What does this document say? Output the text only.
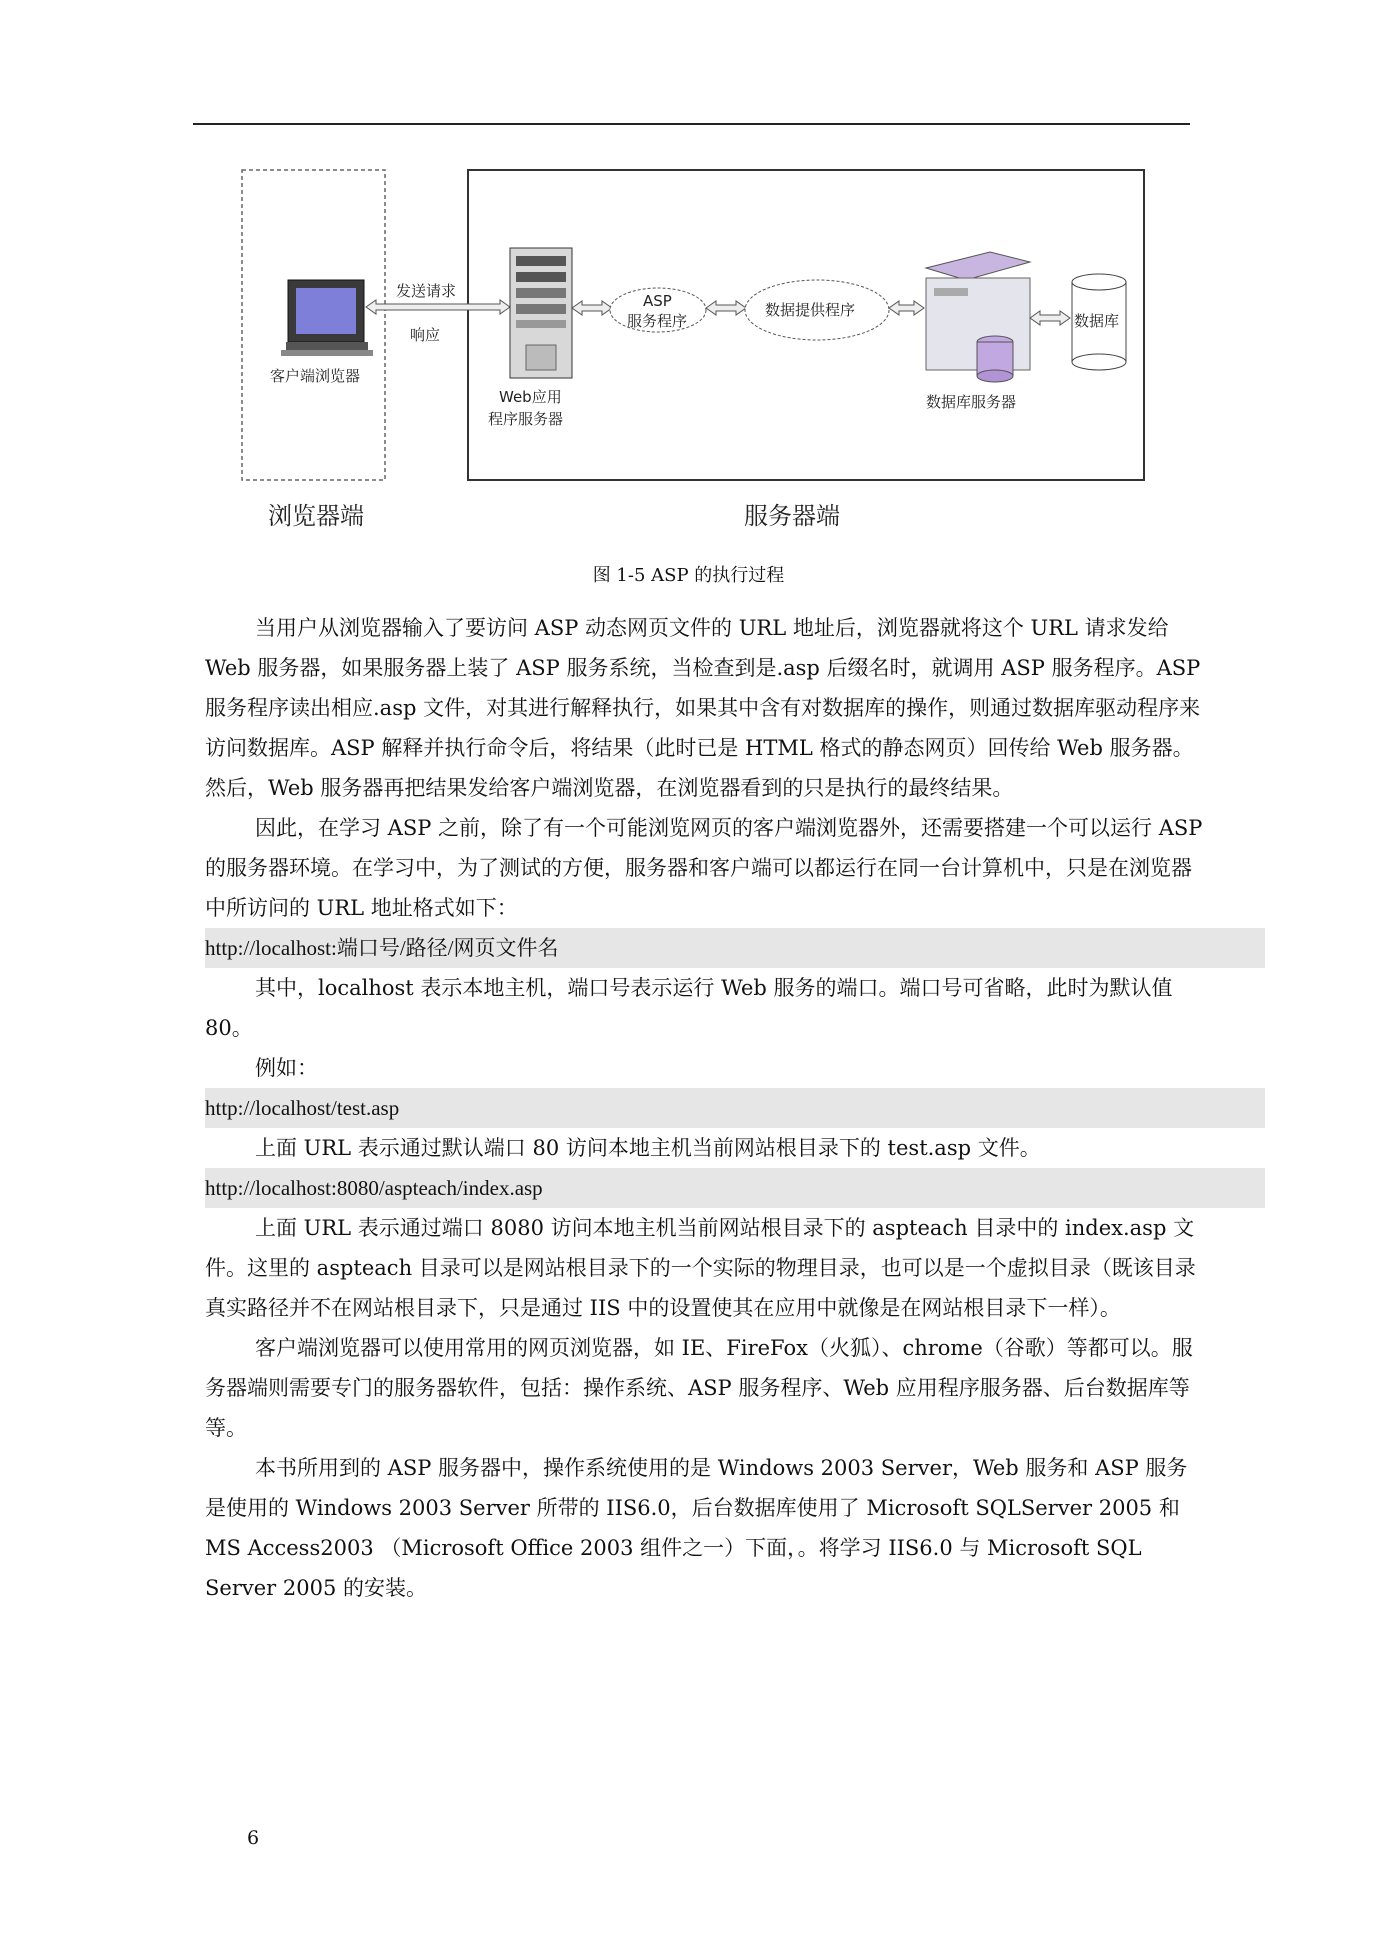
客户端浏览器
发送请求
响应
Web应用
程序服务器
ASP
服务程序
数据提供程序
数据库服务器
数据库
浏览器端	服务器端
图 1-5 ASP 的执行过程

当用户从浏览器输入了要访问 ASP 动态网页文件的 URL 地址后，浏览器就将这个 URL 请求发给 Web 服务器，如果服务器上装了 ASP 服务系统，当检查到是.asp 后缀名时，就调用 ASP 服务程序。ASP 服务程序读出相应.asp 文件，对其进行解释执行，如果其中含有对数据库的操作，则通过数据库驱动程序来访问数据库。ASP 解释并执行命令后，将结果（此时已是 HTML 格式的静态网页）回传给 Web 服务器。然后，Web 服务器再把结果发给客户端浏览器，在浏览器看到的只是执行的最终结果。

因此，在学习 ASP 之前，除了有一个可能浏览网页的客户端浏览器外，还需要搭建一个可以运行 ASP 的服务器环境。在学习中，为了测试的方便，服务器和客户端可以都运行在同一台计算机中，只是在浏览器中所访问的 URL 地址格式如下：

http://localhost:端口号/路径/网页文件名

其中，localhost 表示本地主机，端口号表示运行 Web 服务的端口。端口号可省略，此时为默认值 80。

例如：

http://localhost/test.asp

上面 URL 表示通过默认端口 80 访问本地主机当前网站根目录下的 test.asp 文件。

http://localhost:8080/aspteach/index.asp

上面 URL 表示通过端口 8080 访问本地主机当前网站根目录下的 aspteach 目录中的 index.asp 文件。这里的 aspteach 目录可以是网站根目录下的一个实际的物理目录，也可以是一个虚拟目录（既该目录真实路径并不在网站根目录下，只是通过 IIS 中的设置使其在应用中就像是在网站根目录下一样）。

客户端浏览器可以使用常用的网页浏览器，如 IE、FireFox（火狐）、chrome（谷歌）等都可以。服务器端则需要专门的服务器软件，包括：操作系统、ASP 服务程序、Web 应用程序服务器、后台数据库等等。

本书所用到的 ASP 服务器中，操作系统使用的是 Windows 2003 Server，Web 服务和 ASP 服务是使用的 Windows 2003 Server 所带的 IIS6.0，后台数据库使用了 Microsoft SQLServer 2005 和 MS Access2003 （Microsoft Office 2003 组件之一）下面，。将学习 IIS6.0 与 Microsoft SQL Server 2005 的安装。

6
